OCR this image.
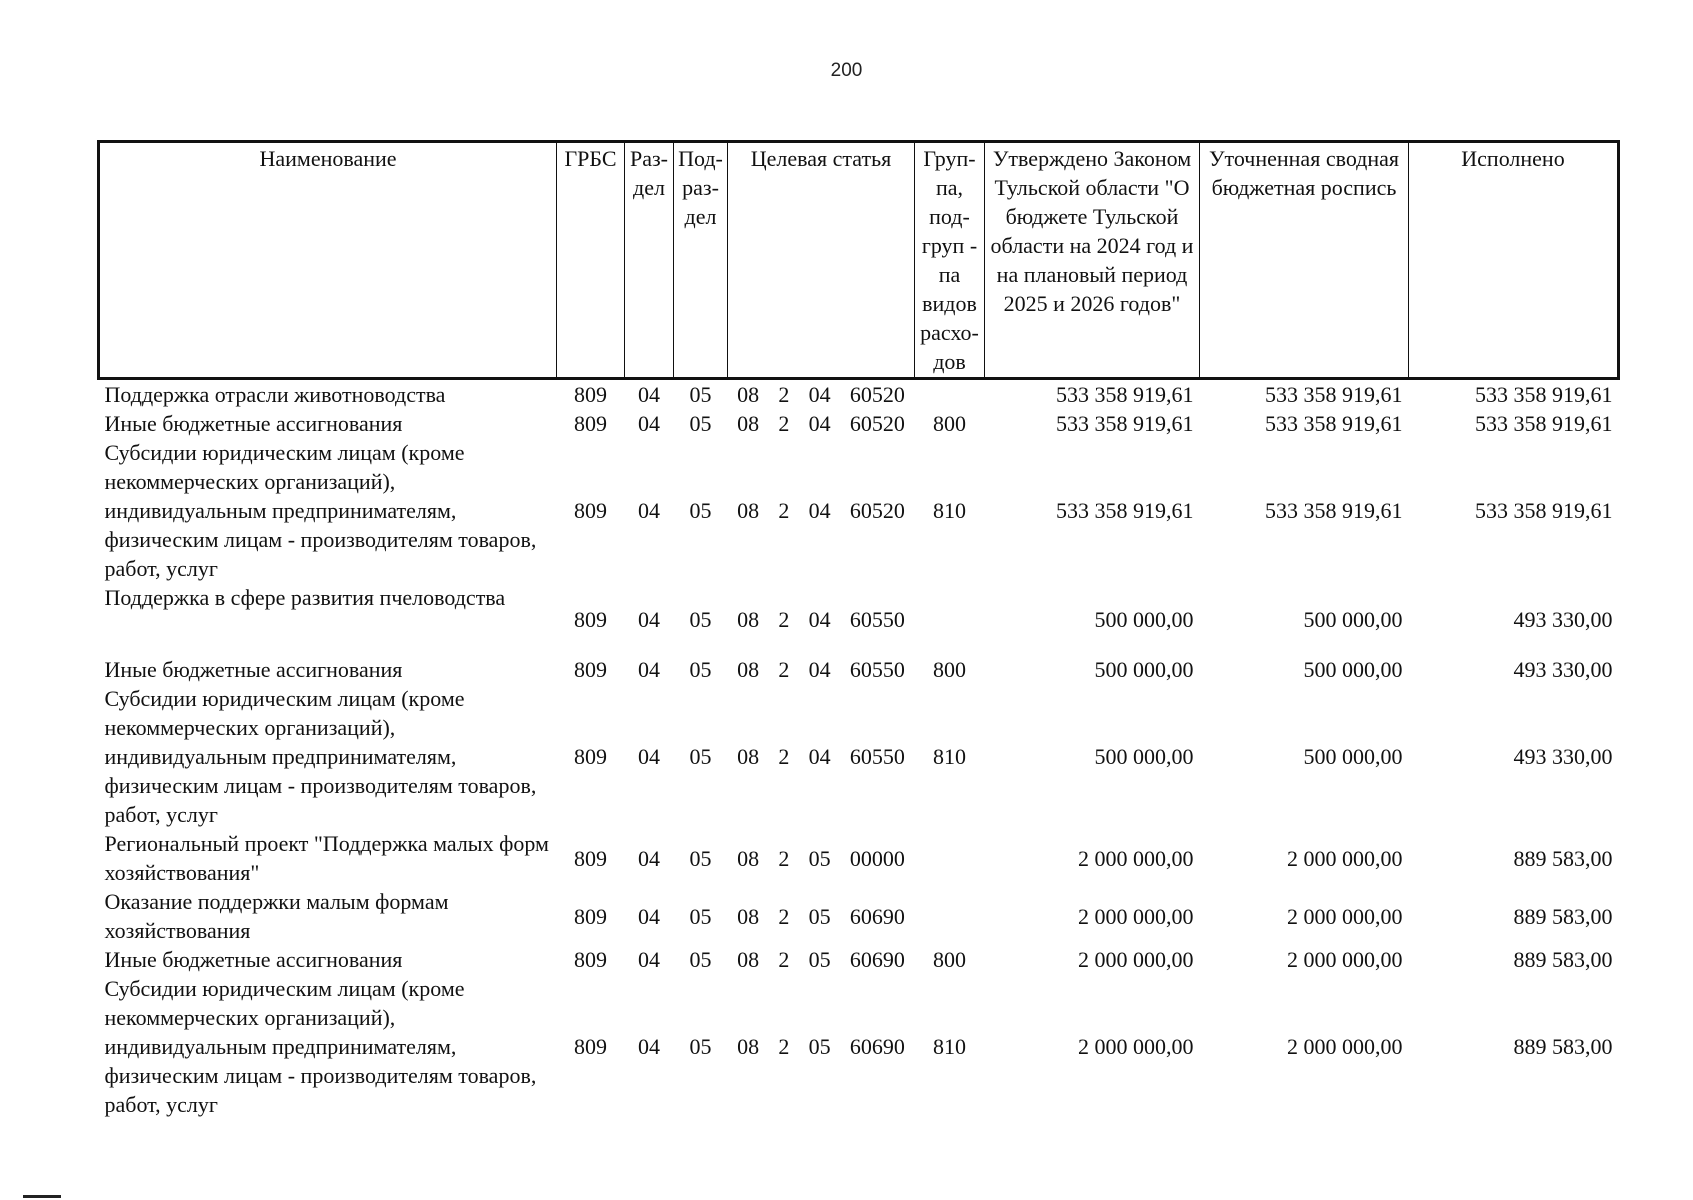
200
Наименование	ГРБС	Раз-дел	Под-раз-дел	Целевая статья	Груп-па, под-груп - па видов расхо-дов	Утверждено Законом Тульской области "О бюджете Тульской области на 2024 год и на плановый период 2025 и 2026 годов"	Уточненная сводная бюджетная роспись	Исполнено
Поддержка отрасли животноводства	809	04	05	08 2 04 60520		533 358 919,61	533 358 919,61	533 358 919,61
Иные бюджетные ассигнования	809	04	05	08 2 04 60520	800	533 358 919,61	533 358 919,61	533 358 919,61
Субсидии юридическим лицам (кроме некоммерческих организаций), индивидуальным предпринимателям, физическим лицам - производителям товаров, работ, услуг	809	04	05	08 2 04 60520	810	533 358 919,61	533 358 919,61	533 358 919,61
Поддержка в сфере развития пчеловодства	809	04	05	08 2 04 60550		500 000,00	500 000,00	493 330,00
Иные бюджетные ассигнования	809	04	05	08 2 04 60550	800	500 000,00	500 000,00	493 330,00
Субсидии юридическим лицам (кроме некоммерческих организаций), индивидуальным предпринимателям, физическим лицам - производителям товаров, работ, услуг	809	04	05	08 2 04 60550	810	500 000,00	500 000,00	493 330,00
Региональный проект "Поддержка малых форм хозяйствования"	809	04	05	08 2 05 00000		2 000 000,00	2 000 000,00	889 583,00
Оказание поддержки малым формам хозяйствования	809	04	05	08 2 05 60690		2 000 000,00	2 000 000,00	889 583,00
Иные бюджетные ассигнования	809	04	05	08 2 05 60690	800	2 000 000,00	2 000 000,00	889 583,00
Субсидии юридическим лицам (кроме некоммерческих организаций), индивидуальным предпринимателям, физическим лицам - производителям товаров, работ, услуг	809	04	05	08 2 05 60690	810	2 000 000,00	2 000 000,00	889 583,00
